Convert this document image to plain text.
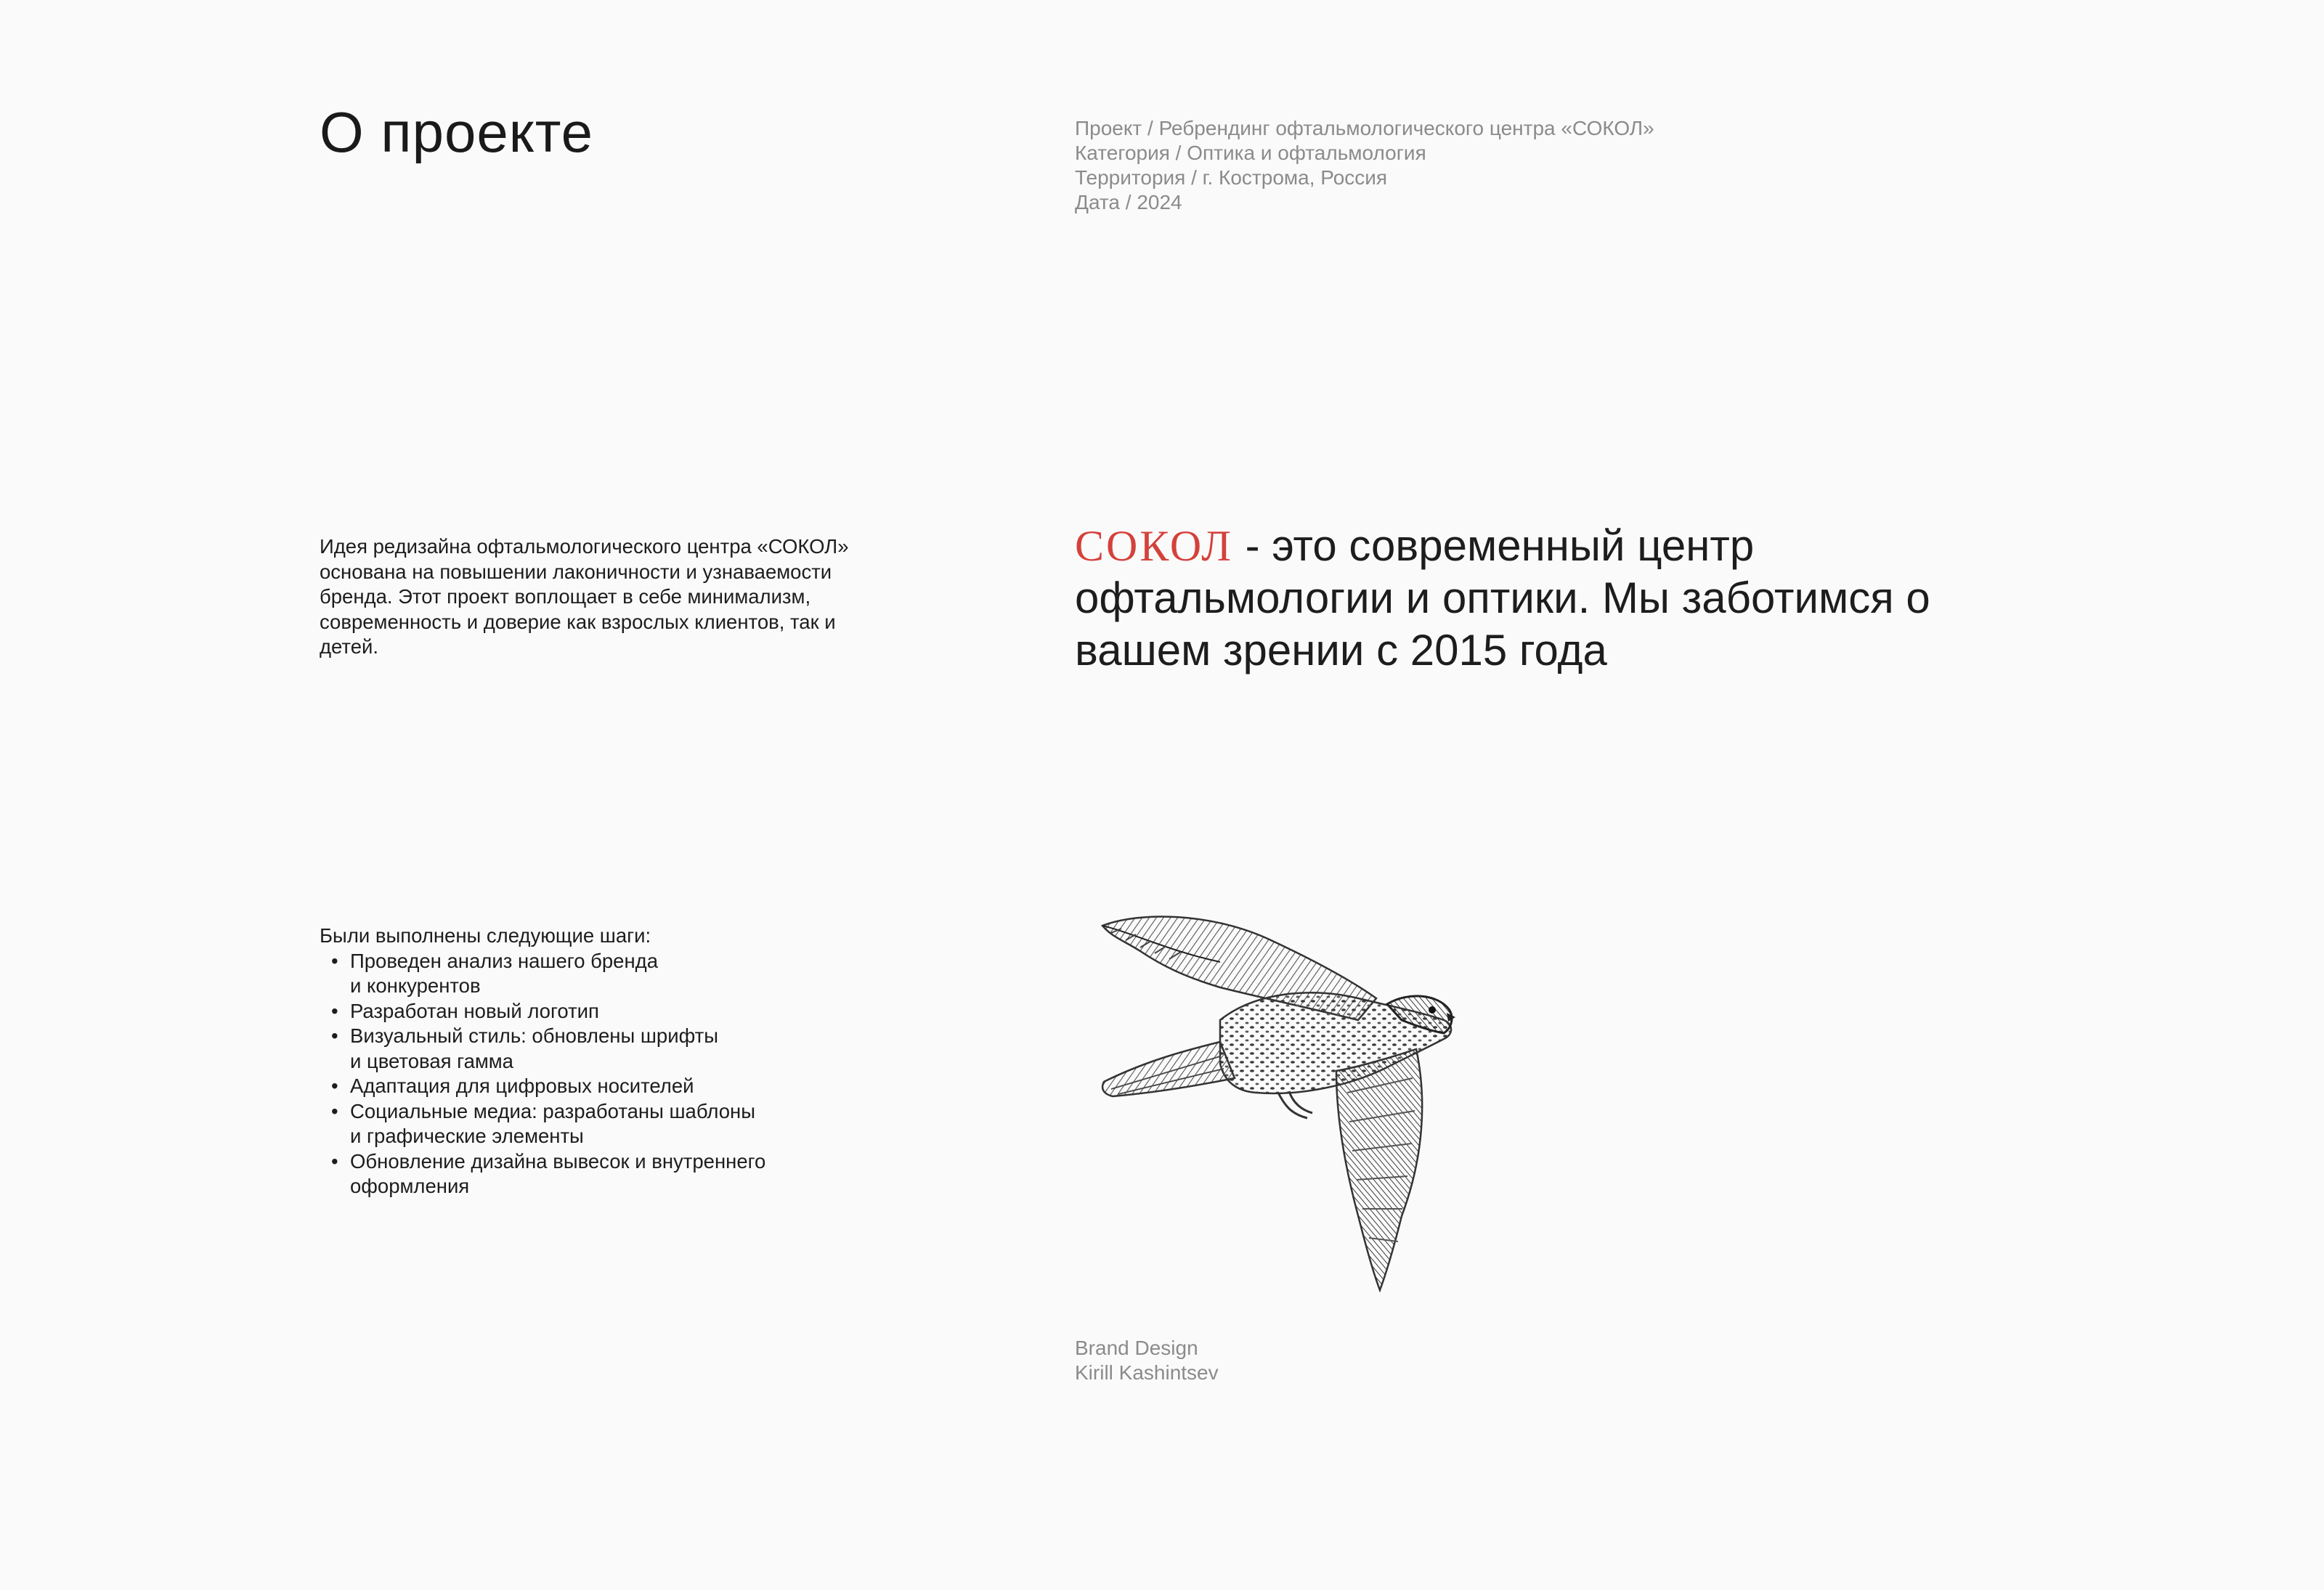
О проекте	Проект / Ребрендинг офтальмологического центра «СОКОЛ»
Категория / Оптика и офтальмология
Территория / г. Кострома, Россия
Дата / 2024

Идея редизайна офтальмологического центра «СОКОЛ» основана на повышении лаконичности и узнаваемости бренда. Этот проект воплощает в себе минимализм, современность и доверие как взрослых клиентов, так и детей.

СОКОЛ - это современный центр офтальмологии и оптики. Мы заботимся о вашем зрении с 2015 года

Были выполнены следующие шаги:
• Проведен анализ нашего бренда
и конкурентов
• Разработан новый логотип
• Визуальный стиль: обновлены шрифты
и цветовая гамма
• Адаптация для цифровых носителей
• Социальные медиа: разработаны шаблоны
и графические элементы
• Обновление дизайна вывесок и внутреннего
оформления
Brand Design
Kirill Kashintsev
